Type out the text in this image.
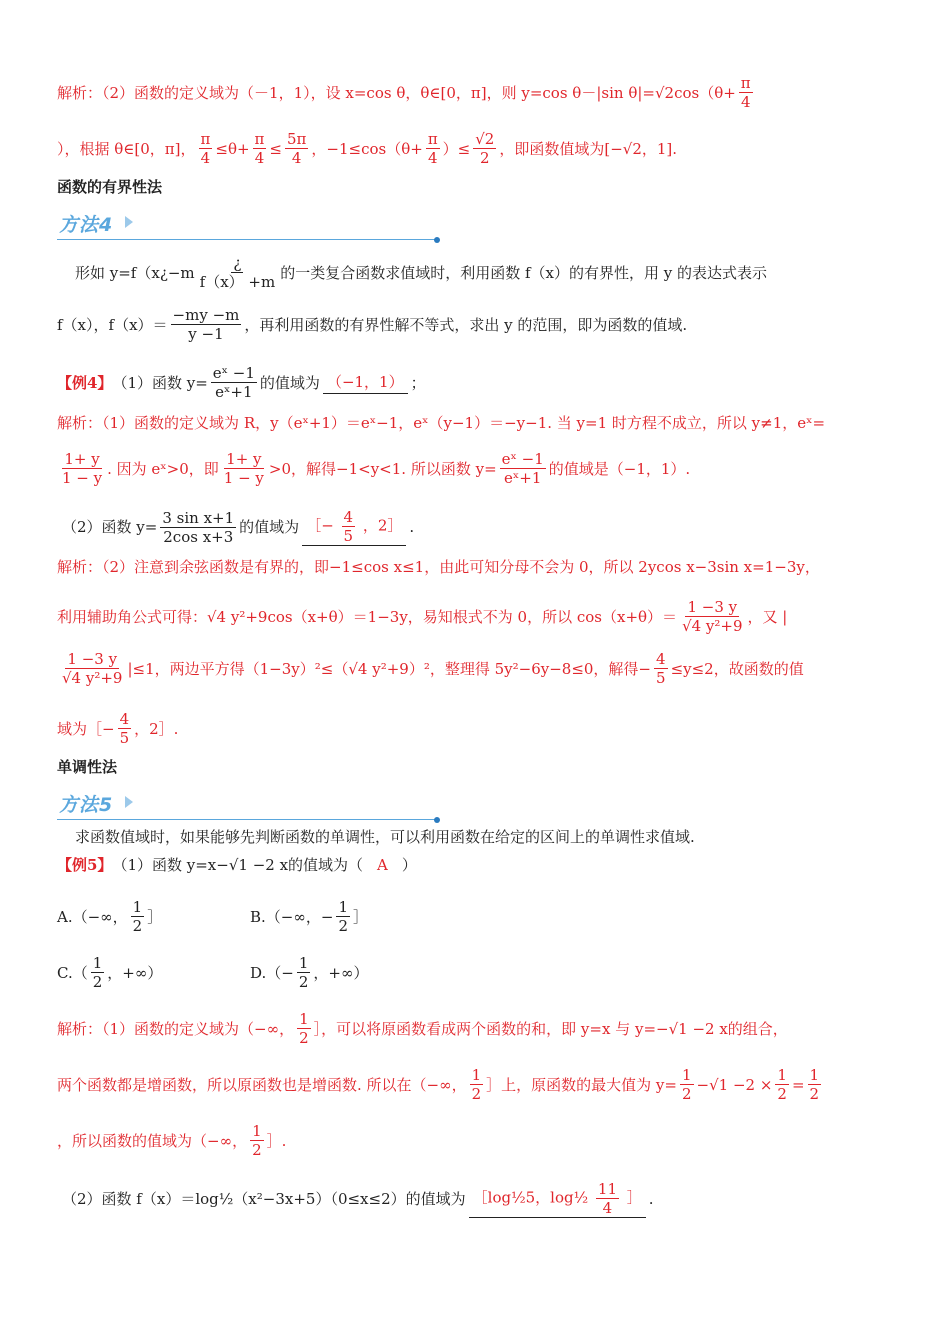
解析：（2）函数的定义域为（－1，1），设 x=cos θ，θ∈[0，π]，则 y=cos θ－|sin $\theta|=√2\cos(\theta+ \frac{\pi}{4}$
），根据 θ∈[0，π]， $\frac{\pi}{4} \le\theta+ \frac{\pi}{4} \le \frac{5\pi}{4}$ ，$-1\le\cos(\theta+ \frac{\pi}{4}$ ）≤ $\frac{√2}{2}$ ，即函数值域为[−√2，1].
函数的有界性法
方法4
形如 y=f（x¿−m
¿
f（x） +m
的一类复合函数求值域时，利用函数 f（x）的有界性，用 y 的表达式表示
f（x），f（x）＝
−my −m
y −1
，再利用函数的有界性解不等式，求出 y 的范围，即为函数的值域.
【例4】 （1）函数 $y= \frac{\text{eˣ −1}}{\text{eˣ+1}}$ 的值域为 （−1，1） ；
解析：（1）函数的定义域为 R，y（eˣ+1）＝eˣ−1，eˣ（y−1）＝−y−1. 当 y=1 时方程不成立，所以 y≠1，eˣ=
1+ y
1 − y
. 因为 eˣ>0，即
1+ y
1 − y
>0，解得−1<y<1. 所以函数 $y= \frac{\text{eˣ −1}}{\text{eˣ+1}}$ 的值域是（−1，1）.
（2）函数 $y= \frac{\text{3 sin x+1}}{\text{2cos x+3}}$ 的值域为 ［− $\frac{4}{5}$ ，2］ .
解析：（2）注意到余弦函数是有界的，即−1≤cos x≤1，由此可知分母不会为 0，所以 2ycos x−3sin x=1−3y，
利用辅助角公式可得：√4 y²+9cos（x+θ）＝1−3y，易知根式不为 0，所以 cos（x+θ）＝
1 −3 y
√4 y²+9
，又 |
1 −3 y
√4 y²+9
|≤1，两边平方得（1−3y）²≤（√4 y²+9）²，整理得 5y²−6y−8≤0，解得− $\frac{4}{5} \le y\le 2$，故函数的值
域为［− $\frac{4}{5}$ ，2］.
单调性法
方法5
求函数值域时，如果能够先判断函数的单调性，可以利用函数在给定的区间上的单调性求值域.
【例5】 （1）函数 y=x−√1 −2 x的值域为（ A ）
A.（−∞，
1
2
］	B.（−∞，− $\frac{1}{2}$ ］
C.（
1
2
，+∞）	$D.(- \frac{1}{2}$ ，+∞）
解析：（1）函数的定义域为（−∞，
1
2
］，可以将原函数看成两个函数的和，即 y=x 与 y=−√1 −2 x的组合，
两个函数都是增函数，所以原函数也是增函数. 所以在（−∞，
1
2
］上，原函数的最大值为 $y= \frac{1}{2} -√1 -2 \times \frac{1}{2} = \frac{1}{2}$
，所以函数的值域为（−∞，
1
2
］.
（2）函数 f（x）＝log½（x²−3x+5）（0≤x≤2）的值域为 ［log½5，log½ $\frac{11}{4}$ ］ .
